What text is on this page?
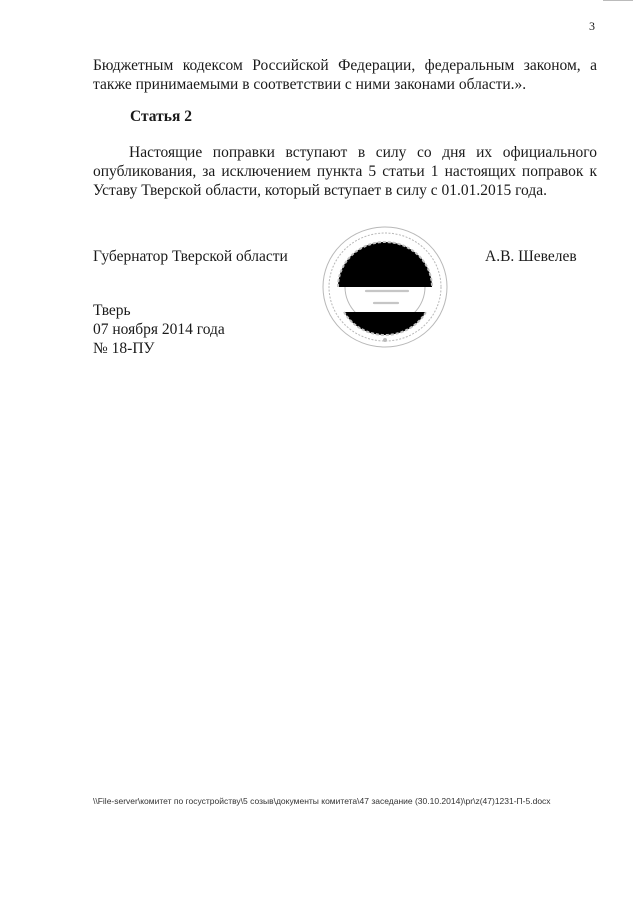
3
Бюджетным кодексом Российской Федерации, федеральным законом, а также принимаемыми в соответствии с ними законами области.».
Статья 2
Настоящие поправки вступают в силу со дня их официального опубликования, за исключением пункта 5 статьи 1 настоящих поправок к Уставу Тверской области, который вступает в силу с 01.01.2015 года.
Губернатор Тверской области	А.В. Шевелев
Тверь
07 ноября 2014 года
№ 18-ПУ
\\File-server\комитет по госустройству\5 созыв\документы комитета\47 заседание (30.10.2014)\pr\z(47)1231-П-5.docx
